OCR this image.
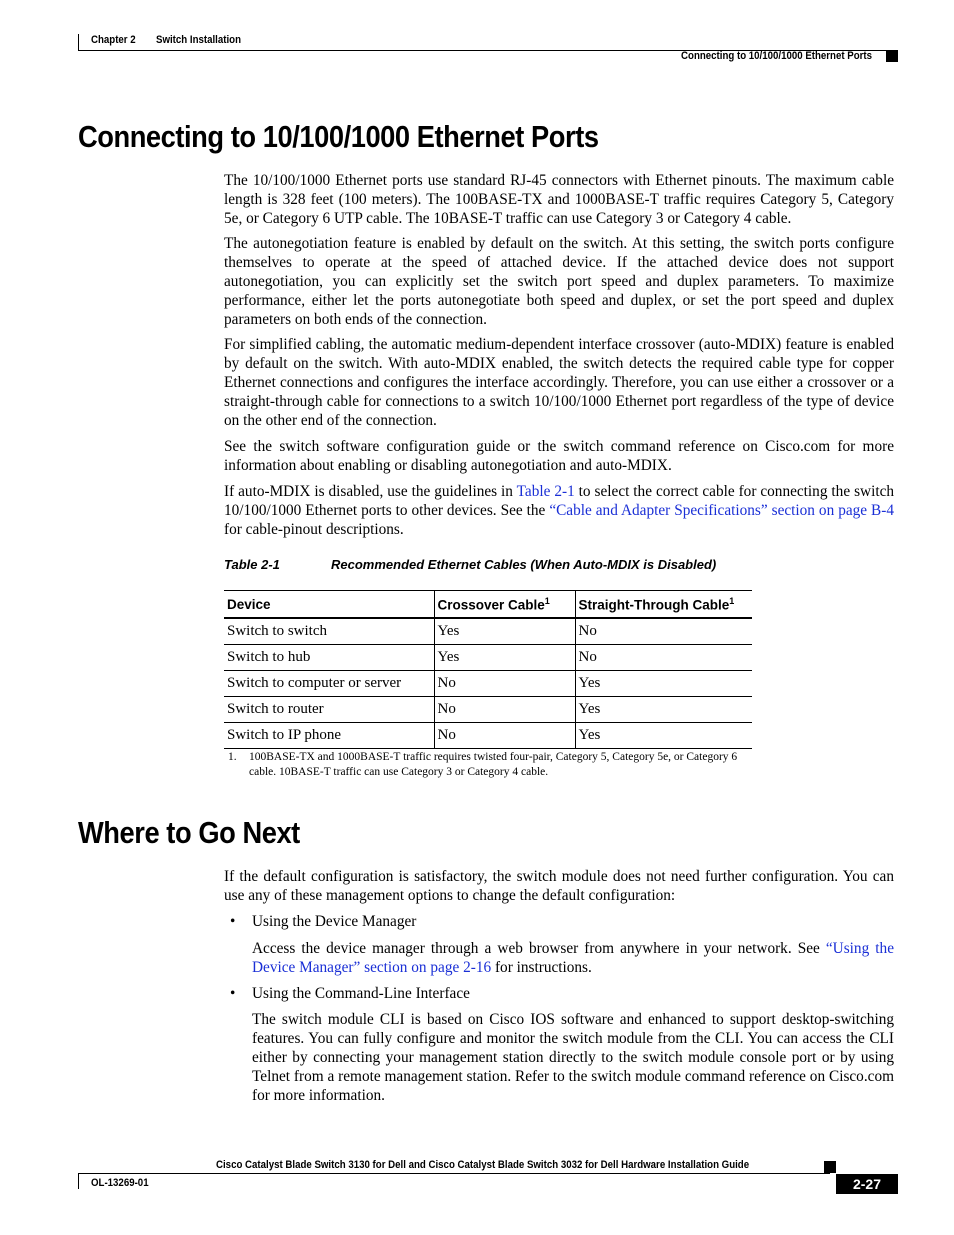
Chapter 2 Switch Installation
Connecting to 10/100/1000 Ethernet Ports
Connecting to 10/100/1000 Ethernet Ports

The 10/100/1000 Ethernet ports use standard RJ-45 connectors with Ethernet pinouts. The maximum cable length is 328 feet (100 meters). The 100BASE-TX and 1000BASE-T traffic requires Category 5, Category 5e, or Category 6 UTP cable. The 10BASE-T traffic can use Category 3 or Category 4 cable.

The autonegotiation feature is enabled by default on the switch. At this setting, the switch ports configure themselves to operate at the speed of attached device. If the attached device does not support autonegotiation, you can explicitly set the switch port speed and duplex parameters. To maximize performance, either let the ports autonegotiate both speed and duplex, or set the port speed and duplex parameters on both ends of the connection.

For simplified cabling, the automatic medium-dependent interface crossover (auto-MDIX) feature is enabled by default on the switch. With auto-MDIX enabled, the switch detects the required cable type for copper Ethernet connections and configures the interface accordingly. Therefore, you can use either a crossover or a straight-through cable for connections to a switch 10/100/1000 Ethernet port regardless of the type of device on the other end of the connection.

See the switch software configuration guide or the switch command reference on Cisco.com for more information about enabling or disabling autonegotiation and auto-MDIX.

If auto-MDIX is disabled, use the guidelines in Table 2-1 to select the correct cable for connecting the switch 10/100/1000 Ethernet ports to other devices. See the “Cable and Adapter Specifications” section on page B-4 for cable-pinout descriptions.

Table 2-1	Recommended Ethernet Cables (When Auto-MDIX is Disabled)
Device	Crossover Cable$^1$	Straight-Through Cable$^1$
Switch to switch	Yes	No
Switch to hub	Yes	No
Switch to computer or server	No	Yes
Switch to router	No	Yes
Switch to IP phone	No	Yes
1. 100BASE-TX and 1000BASE-T traffic requires twisted four-pair, Category 5, Category 5e, or Category 6 cable. 10BASE-T traffic can use Category 3 or Category 4 cable.
Where to Go Next

If the default configuration is satisfactory, the switch module does not need further configuration. You can use any of these management options to change the default configuration:

• Using the Device Manager

Access the device manager through a web browser from anywhere in your network. See “Using the Device Manager” section on page 2-16 for instructions.

• Using the Command-Line Interface

The switch module CLI is based on Cisco IOS software and enhanced to support desktop-switching features. You can fully configure and monitor the switch module from the CLI. You can access the CLI either by connecting your management station directly to the switch module console port or by using Telnet from a remote management station. Refer to the switch module command reference on Cisco.com for more information.

Cisco Catalyst Blade Switch 3130 for Dell and Cisco Catalyst Blade Switch 3032 for Dell Hardware Installation Guide
OL-13269-01	2-27
